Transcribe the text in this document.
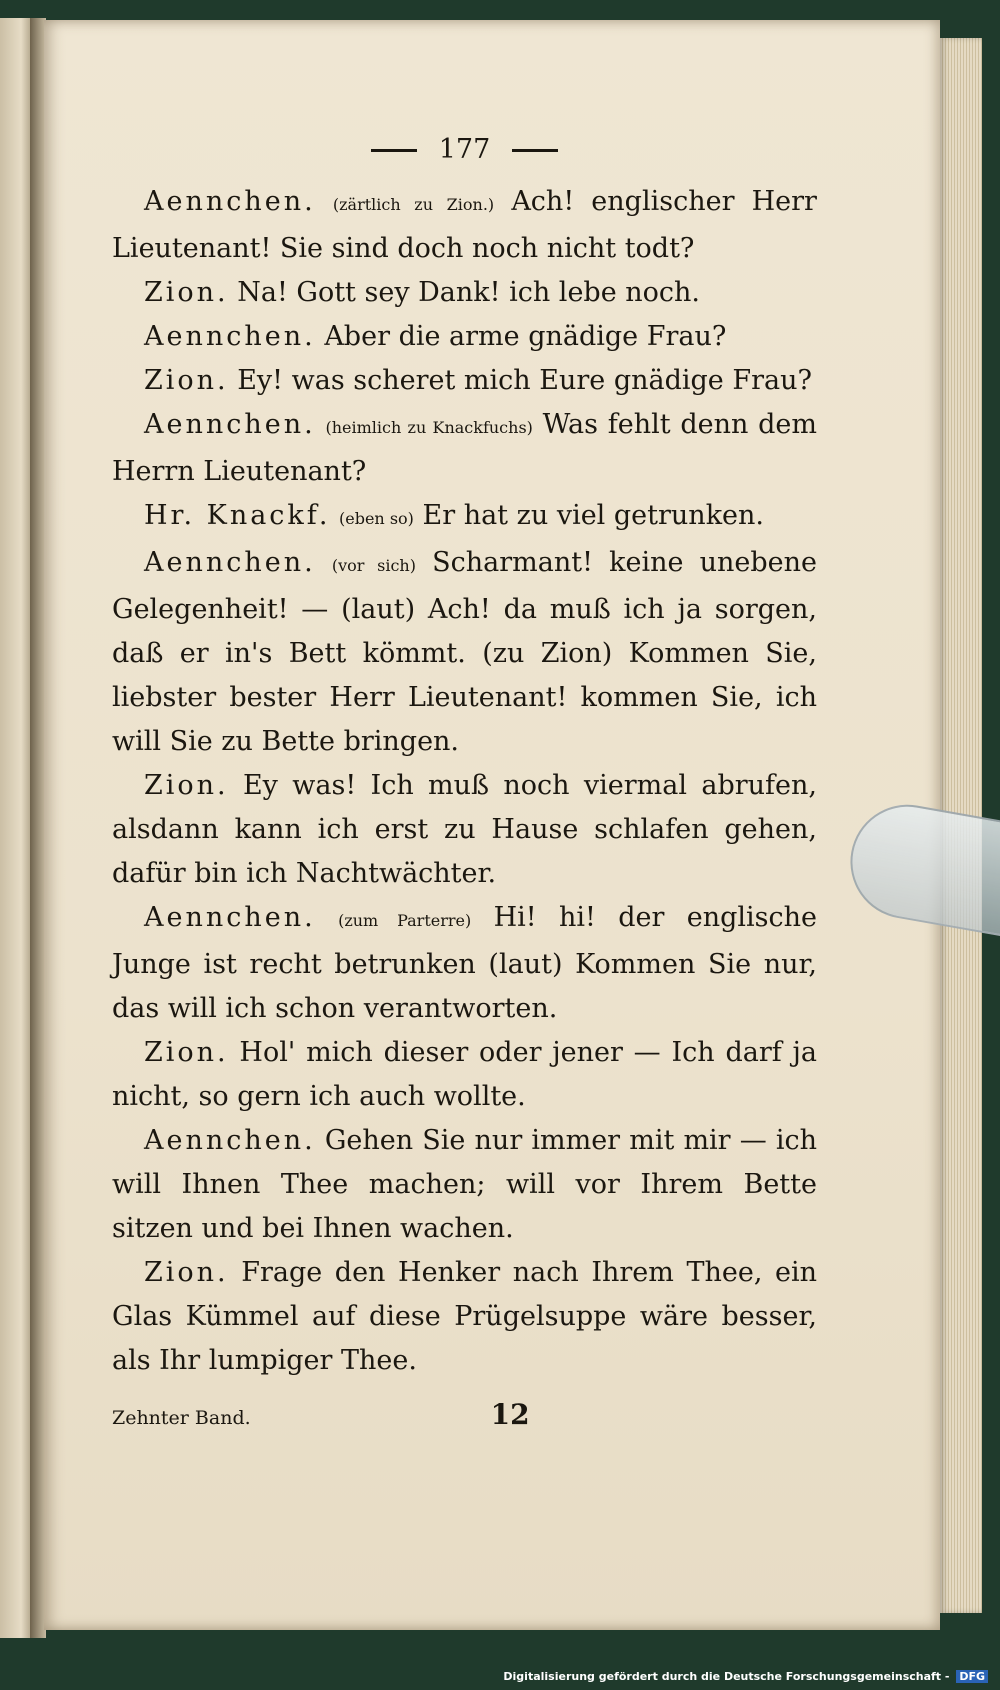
177

Aennchen. (zärtlich zu Zion.) Ach! englischer Herr Lieutenant! Sie sind doch noch nicht todt?

Zion. Na! Gott sey Dank! ich lebe noch.

Aennchen. Aber die arme gnädige Frau?

Zion. Ey! was scheret mich Eure gnädige Frau?

Aennchen. (heimlich zu Knackfuchs) Was fehlt denn dem Herrn Lieutenant?

Hr. Knackf. (eben so) Er hat zu viel getrunken.

Aennchen. (vor sich) Scharmant! keine unebene Gelegenheit! — (laut) Ach! da muß ich ja sorgen, daß er in's Bett kömmt. (zu Zion) Kommen Sie, liebster bester Herr Lieutenant! kommen Sie, ich will Sie zu Bette bringen.

Zion. Ey was! Ich muß noch viermal abrufen, alsdann kann ich erst zu Hause schlafen gehen, dafür bin ich Nachtwächter.

Aennchen. (zum Parterre) Hi! hi! der englische Junge ist recht betrunken (laut) Kommen Sie nur, das will ich schon verantworten.

Zion. Hol' mich dieser oder jener — Ich darf ja nicht, so gern ich auch wollte.

Aennchen. Gehen Sie nur immer mit mir — ich will Ihnen Thee machen; will vor Ihrem Bette sitzen und bei Ihnen wachen.

Zion. Frage den Henker nach Ihrem Thee, ein Glas Kümmel auf diese Prügelsuppe wäre besser, als Ihr lumpiger Thee.

Zehnter Band.	12
Digitalisierung gefördert durch die Deutsche Forschungsgemeinschaft - DFG
